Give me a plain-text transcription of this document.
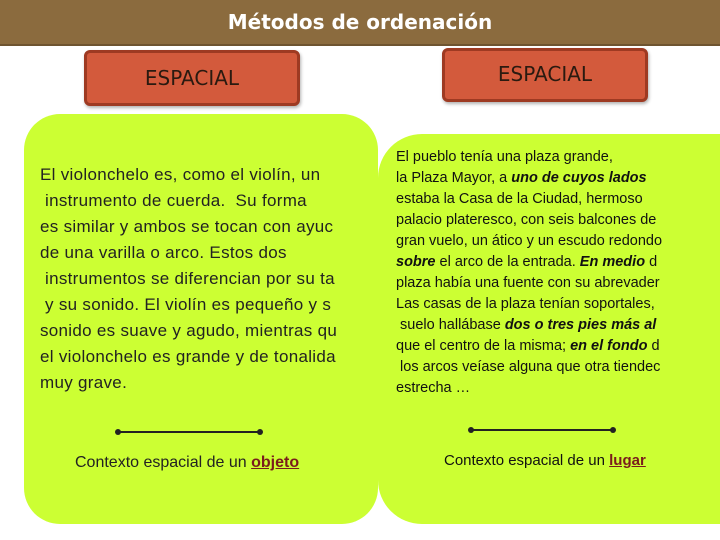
Métodos de ordenación
ESPACIAL	ESPACIAL
El violonchelo es, como el violín, un
instrumento de cuerda.  Su forma
es similar y ambos se tocan con ayuc
de una varilla o arco. Estos dos
instrumentos se diferencian por su ta
y su sonido. El violín es pequeño y s
sonido es suave y agudo, mientras qu
el violonchelo es grande y de tonalida
muy grave.
El pueblo tenía una plaza grande,
la Plaza Mayor, a uno de cuyos lados
estaba la Casa de la Ciudad, hermoso
palacio plateresco, con seis balcones de
gran vuelo, un ático y un escudo redondo
sobre el arco de la entrada. En medio d
plaza había una fuente con su abrevader
Las casas de la plaza tenían soportales,
suelo hallábase dos o tres pies más al
que el centro de la misma; en el fondo d
los arcos veíase alguna que otra tiendec
estrecha …
Contexto espacial de un objeto	Contexto espacial de un lugar
